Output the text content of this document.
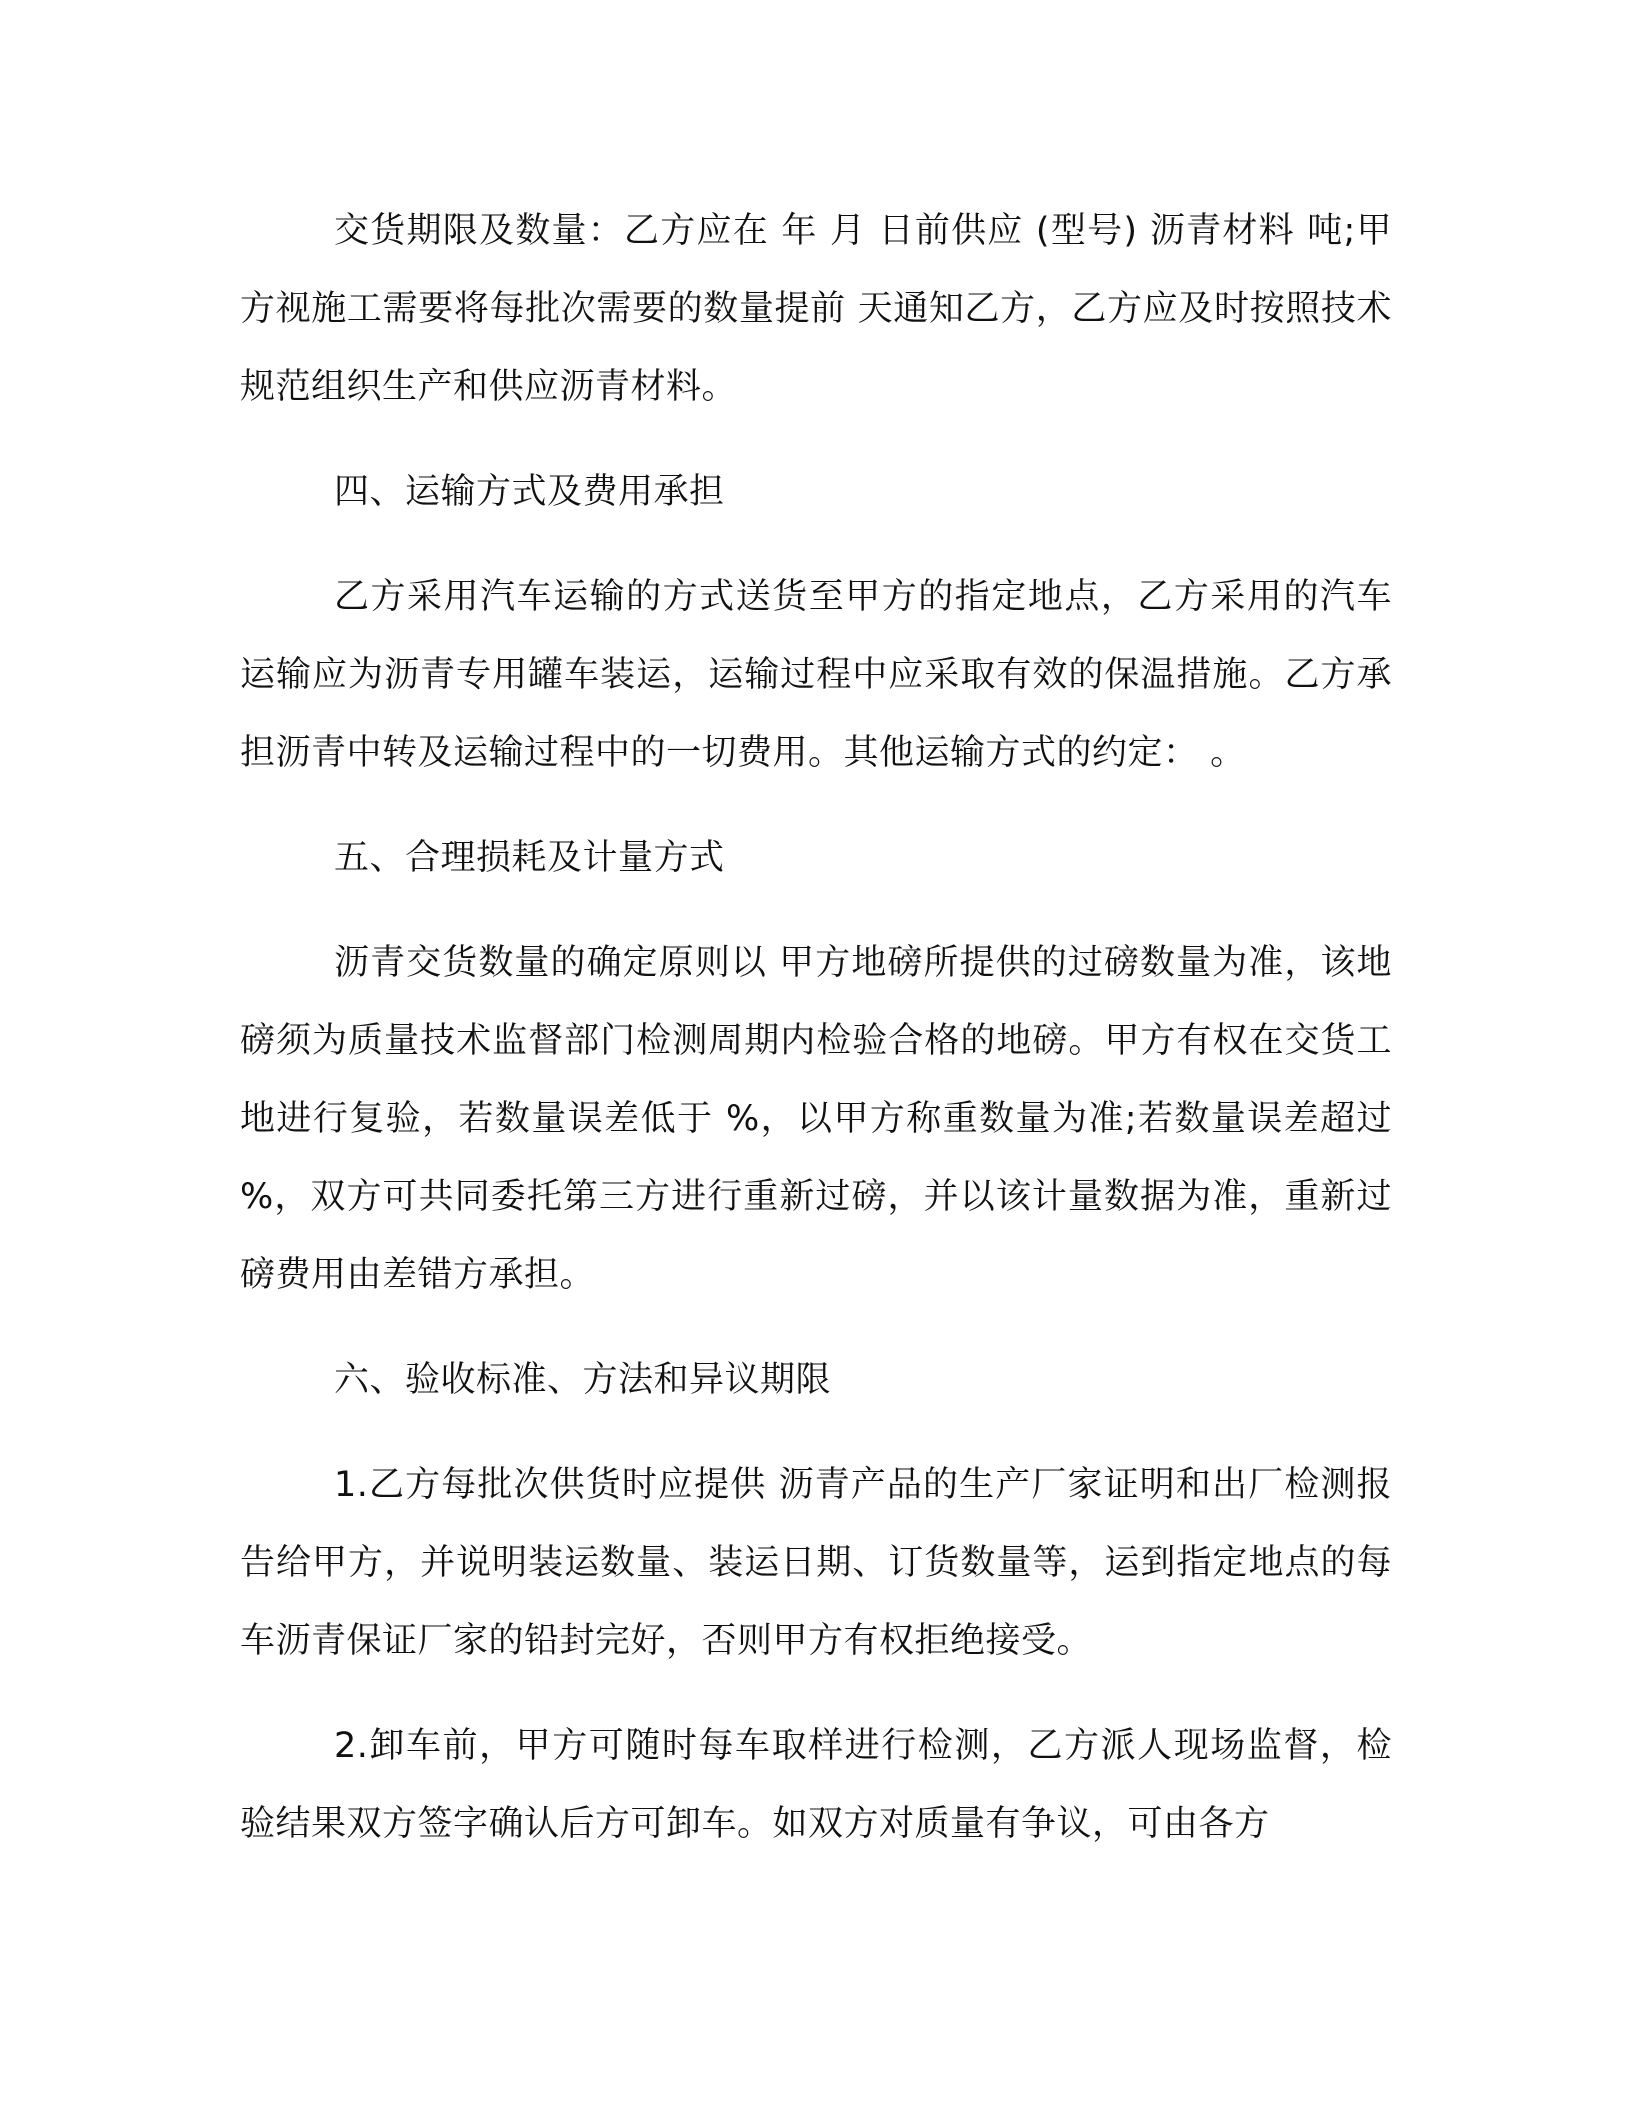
交货期限及数量：乙方应在 年 月 日前供应 (型号) 沥青材料 吨;甲方视施工需要将每批次需要的数量提前 天通知乙方，乙方应及时按照技术规范组织生产和供应沥青材料。

四、运输方式及费用承担

乙方采用汽车运输的方式送货至甲方的指定地点，乙方采用的汽车运输应为沥青专用罐车装运，运输过程中应采取有效的保温措施。乙方承担沥青中转及运输过程中的一切费用。其他运输方式的约定： 。

五、合理损耗及计量方式

沥青交货数量的确定原则以 甲方地磅所提供的过磅数量为准，该地磅须为质量技术监督部门检测周期内检验合格的地磅。甲方有权在交货工地进行复验，若数量误差低于 %，以甲方称重数量为准;若数量误差超过 %，双方可共同委托第三方进行重新过磅，并以该计量数据为准，重新过磅费用由差错方承担。

六、验收标准、方法和异议期限

1.乙方每批次供货时应提供 沥青产品的生产厂家证明和出厂检测报告给甲方，并说明装运数量、装运日期、订货数量等，运到指定地点的每车沥青保证厂家的铅封完好，否则甲方有权拒绝接受。

2.卸车前，甲方可随时每车取样进行检测，乙方派人现场监督，检验结果双方签字确认后方可卸车。如双方对质量有争议，可由各方
